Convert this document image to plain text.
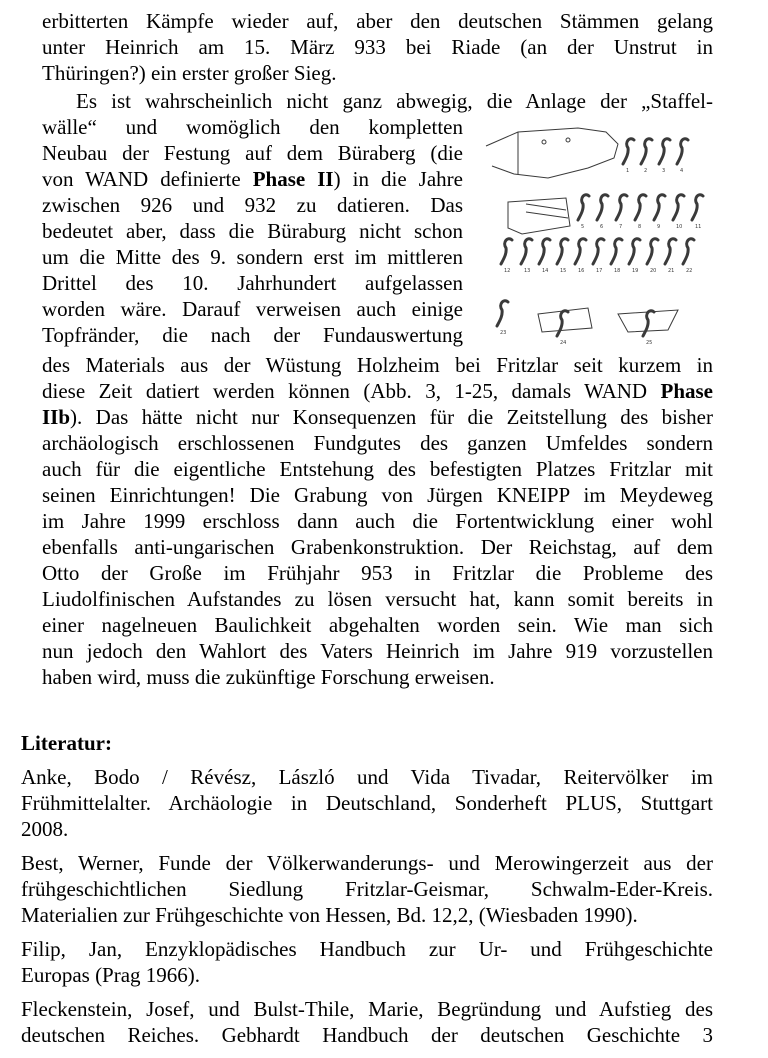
erbitterten Kämpfe wieder auf, aber den deutschen Stämmen gelang

unter Heinrich am 15. März 933 bei Riade (an der Unstrut in

Thüringen?) ein erster großer Sieg.

Es ist wahrscheinlich nicht ganz abwegig, die Anlage der „Staffel-

wälle“ und womöglich den kompletten

Neubau der Festung auf dem Büraberg (die

von WAND definierte Phase II) in die Jahre

zwischen 926 und 932 zu datieren. Das

bedeutet aber, dass die Büraburg nicht schon

um die Mitte des 9. sondern erst im mittleren

Drittel des 10. Jahrhundert aufgelassen

worden wäre. Darauf verweisen auch einige

Topfränder, die nach der Fundauswertung

des Materials aus der Wüstung Holzheim bei Fritzlar seit kurzem in

diese Zeit datiert werden können (Abb. 3, 1-25, damals WAND Phase

IIb). Das hätte nicht nur Konsequenzen für die Zeitstellung des bisher

archäologisch erschlossenen Fundgutes des ganzen Umfeldes sondern

auch für die eigentliche Entstehung des befestigten Platzes Fritzlar mit

seinen Einrichtungen! Die Grabung von Jürgen KNEIPP im Meydeweg

im Jahre 1999 erschloss dann auch die Fortentwicklung einer wohl

ebenfalls anti-ungarischen Grabenkonstruktion. Der Reichstag, auf dem

Otto der Große im Frühjahr 953 in Fritzlar die Probleme des

Liudolfinischen Aufstandes zu lösen versucht hat, kann somit bereits in

einer nagelneuen Baulichkeit abgehalten worden sein. Wie man sich

nun jedoch den Wahlort des Vaters Heinrich im Jahre 919 vorzustellen

haben wird, muss die zukünftige Forschung erweisen.

1	2	3	4
5	6	7	8	9	10	11
12	13 14 15 16 17 18 19 20 21 22
23
24	25
Literatur:

Anke, Bodo / Révész, László und Vida Tivadar, Reitervölker im

Frühmittelalter. Archäologie in Deutschland, Sonderheft PLUS, Stuttgart

2008.

Best, Werner, Funde der Völkerwanderungs- und Merowingerzeit aus der

frühgeschichtlichen Siedlung Fritzlar-Geismar, Schwalm-Eder-Kreis.

Materialien zur Frühgeschichte von Hessen, Bd. 12,2, (Wiesbaden 1990).

Filip, Jan, Enzyklopädisches Handbuch zur Ur- und Frühgeschichte

Europas (Prag 1966).

Fleckenstein, Josef, und Bulst-Thile, Marie, Begründung und Aufstieg des

deutschen Reiches. Gebhardt Handbuch der deutschen Geschichte 3
